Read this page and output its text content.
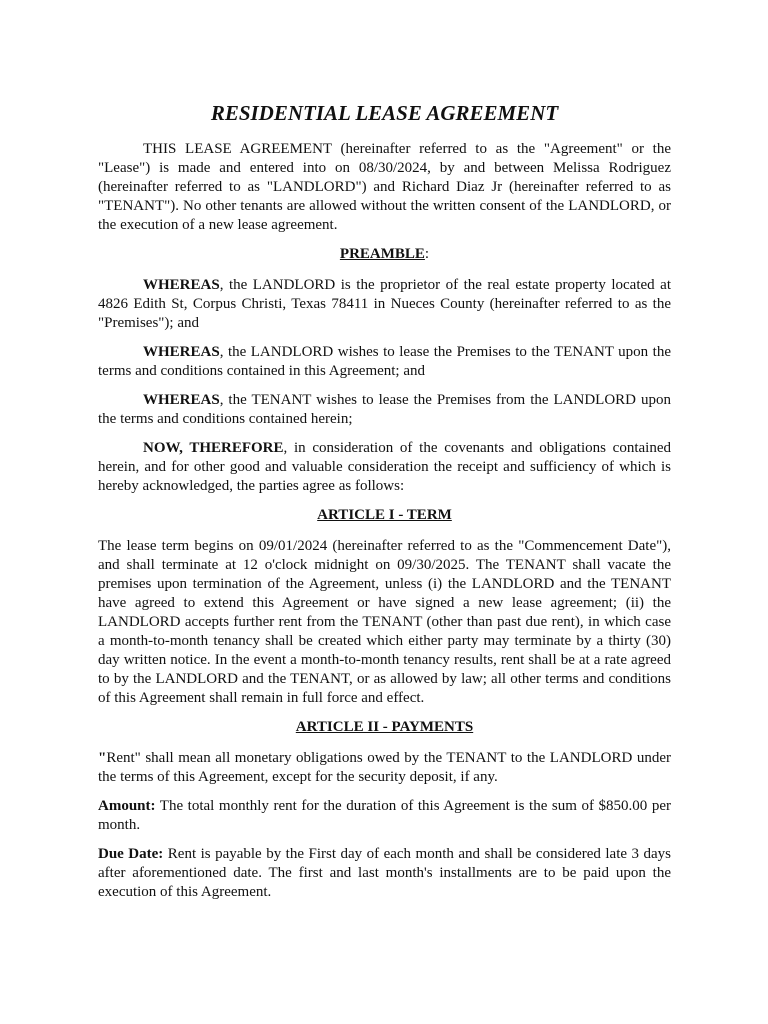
RESIDENTIAL LEASE AGREEMENT

THIS LEASE AGREEMENT (hereinafter referred to as the "Agreement" or the "Lease") is made and entered into on 08/30/2024, by and between Melissa Rodriguez (hereinafter referred to as "LANDLORD") and Richard Diaz Jr (hereinafter referred to as "TENANT"). No other tenants are allowed without the written consent of the LANDLORD, or the execution of a new lease agreement.

PREAMBLE:

WHEREAS, the LANDLORD is the proprietor of the real estate property located at 4826 Edith St, Corpus Christi, Texas 78411 in Nueces County (hereinafter referred to as the "Premises"); and

WHEREAS, the LANDLORD wishes to lease the Premises to the TENANT upon the terms and conditions contained in this Agreement; and

WHEREAS, the TENANT wishes to lease the Premises from the LANDLORD upon the terms and conditions contained herein;

NOW, THEREFORE, in consideration of the covenants and obligations contained herein, and for other good and valuable consideration the receipt and sufficiency of which is hereby acknowledged, the parties agree as follows:

ARTICLE I - TERM

The lease term begins on 09/01/2024 (hereinafter referred to as the "Commencement Date"), and shall terminate at 12 o'clock midnight on 09/30/2025. The TENANT shall vacate the premises upon termination of the Agreement, unless (i) the LANDLORD and the TENANT have agreed to extend this Agreement or have signed a new lease agreement; (ii) the LANDLORD accepts further rent from the TENANT (other than past due rent), in which case a month-to-month tenancy shall be created which either party may terminate by a thirty (30) day written notice. In the event a month-to-month tenancy results, rent shall be at a rate agreed to by the LANDLORD and the TENANT, or as allowed by law; all other terms and conditions of this Agreement shall remain in full force and effect.

ARTICLE II - PAYMENTS

"Rent" shall mean all monetary obligations owed by the TENANT to the LANDLORD under the terms of this Agreement, except for the security deposit, if any.

Amount: The total monthly rent for the duration of this Agreement is the sum of $850.00 per month.

Due Date: Rent is payable by the First day of each month and shall be considered late 3 days after aforementioned date. The first and last month's installments are to be paid upon the execution of this Agreement.
